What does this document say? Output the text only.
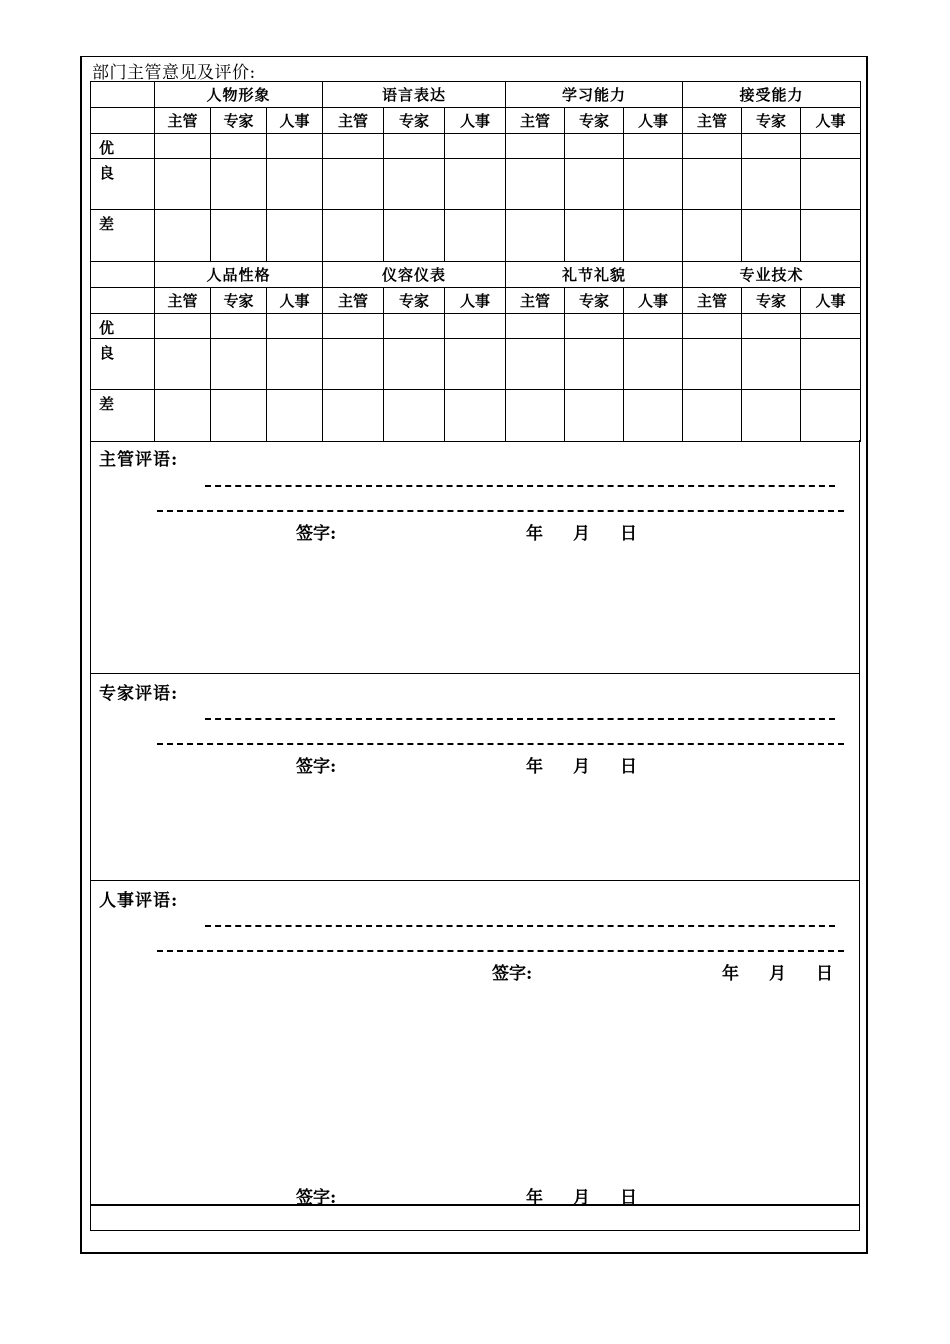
部门主管意见及评价:
	人物形象			语言表达			学习能力			接受能力		
	主管	专家	人事	主管	专家	人事	主管	专家	人事	主管	专家	人事
优												
良												
差												
	人品性格			仪容仪表			礼节礼貌			专业技术		
	主管	专家	人事	主管	专家	人事	主管	专家	人事	主管	专家	人事
优												
良												
差												
主管评语:
签字:	年 月 日
专家评语:
签字:	年 月 日
人事评语:
签字:	年 月 日
签字:	年 月 日
